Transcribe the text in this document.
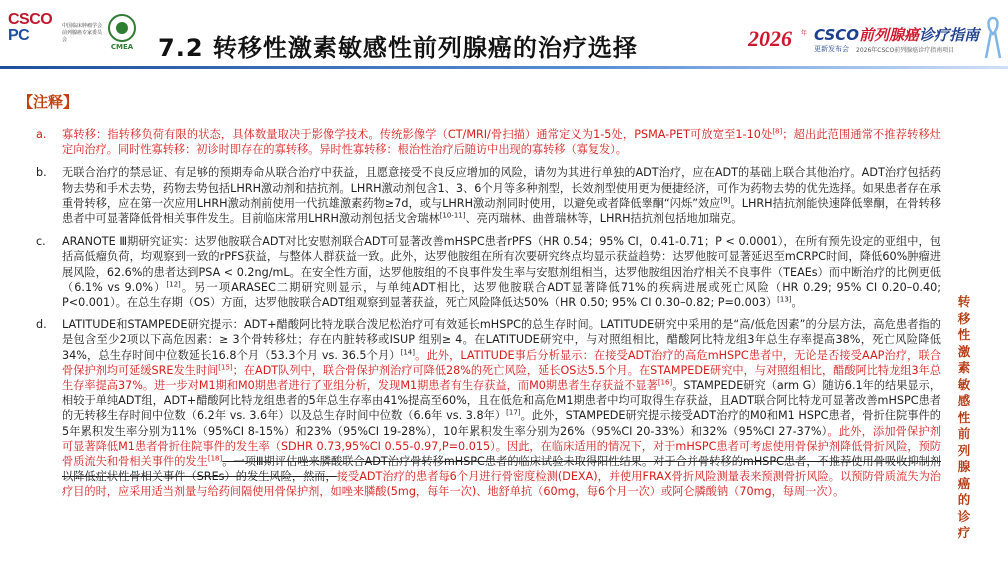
CSCO
PC
中国临床肿瘤学会前列腺癌专家委员会
CMEA 7.2 转移性激素敏感性前列腺癌的治疗选择	2026 年 CSCO前列腺癌诊疗指南
更新发布会 2026年CSCO前列腺癌诊疗指南项目
转
移
性
激
素
敏
感
性
前
列
腺
癌
的
诊
疗
【注释】
a. 寡转移：指转移负荷有限的状态，具体数量取决于影像学技术。传统影像学（CT/MRI/骨扫描）通常定义为1-5处，PSMA-PET可放宽至1-10处[8]；超出此范围通常不推荐转移灶定向治疗。同时性寡转移：初诊时即存在的寡转移。异时性寡转移：根治性治疗后随访中出现的寡转移（寡复发）。
b. 无联合治疗的禁忌证、有足够的预期寿命从联合治疗中获益，且愿意接受不良反应增加的风险，请勿为其进行单独的ADT治疗，应在ADT的基础上联合其他治疗。ADT治疗包括药物去势和手术去势，药物去势包括LHRH激动剂和拮抗剂。LHRH激动剂包含1、3、6个月等多种剂型，长效剂型使用更为便捷经济，可作为药物去势的优先选择。如果患者存在承重骨转移，应在第一次应用LHRH激动剂前使用一代抗雄激素药物≥7d，或与LHRH激动剂同时使用，以避免或者降低睾酮“闪烁”效应[9]。LHRH拮抗剂能快速降低睾酮，在骨转移患者中可显著降低骨相关事件发生。目前临床常用LHRH激动剂包括戈舍瑞林[10-11]、亮丙瑞林、曲普瑞林等，LHRH拮抗剂包括地加瑞克。
c. ARANOTE Ⅲ期研究证实：达罗他胺联合ADT对比安慰剂联合ADT可显著改善mHSPC患者rPFS（HR 0.54；95% CI，0.41-0.71；P < 0.0001），在所有预先设定的亚组中，包括高低瘤负荷，均观察到一致的rPFS获益，与整体人群获益一致。此外，达罗他胺组在所有次要研究终点均显示获益趋势：达罗他胺可显著延迟至mCRPC时间，降低60%肿瘤进展风险，62.6%的患者达到PSA < 0.2ng/mL。在安全性方面，达罗他胺组的不良事件发生率与安慰剂组相当，达罗他胺组因治疗相关不良事件（TEAEs）而中断治疗的比例更低（6.1% vs 9.0%）[12]。另一项ARASEC二期研究则显示，与单纯ADT相比，达罗他胺联合ADT显著降低71%的疾病进展或死亡风险（HR 0.29; 95% CI 0.20–0.40; P<0.001）。在总生存期（OS）方面，达罗他胺联合ADT组观察到显著获益，死亡风险降低达50%（HR 0.50; 95% CI 0.30–0.82; P=0.003）[13]。
d. LATITUDE和STAMPEDE研究提示：ADT+醋酸阿比特龙联合泼尼松治疗可有效延长mHSPC的总生存时间。LATITUDE研究中采用的是“高/低危因素”的分层方法，高危患者指的是包含至少2项以下高危因素：≥ 3个骨转移灶；存在内脏转移或ISUP 组别≥ 4。在LATITUDE研究中，与对照组相比，醋酸阿比特龙组3年总生存率提高38%，死亡风险降低34%，总生存时间中位数延长16.8个月（53.3个月 vs. 36.5个月）[14]。此外，LATITUDE事后分析显示：在接受ADT治疗的高危mHSPC患者中，无论是否接受AAP治疗，联合骨保护剂均可延缓SRE发生时间[15]；在ADT队列中，联合骨保护剂治疗可降低28%的死亡风险，延长OS达5.5个月。在STAMPEDE研究中，与对照组相比，醋酸阿比特龙组3年总生存率提高37%。进一步对M1期和M0期患者进行了亚组分析，发现M1期患者有生存获益，而M0期患者生存获益不显著[16]。STAMPEDE研究（arm G）随访6.1年的结果显示，相较于单纯ADT组，ADT+醋酸阿比特龙组患者的5年总生存率由41%提高至60%，且在低危和高危M1期患者中均可取得生存获益，且ADT联合阿比特龙可显著改善mHSPC患者的无转移生存时间中位数（6.2年 vs. 3.6年）以及总生存时间中位数（6.6年 vs. 3.8年）[17]。此外，STAMPEDE研究提示接受ADT治疗的M0和M1 HSPC患者，骨折住院事件的5年累积发生率分别为11%（95%CI 8-15%）和23%（95%CI 19-28%），10年累积发生率分别为26%（95%CI 20-33%）和32%（95%CI 27-37%）。此外，添加骨保护剂可显著降低M1患者骨折住院事件的发生率（SDHR 0.73,95%CI 0.55-0.97,P=0.015）。因此，在临床适用的情况下，对于mHSPC患者可考虑使用骨保护剂降低骨折风险，预防骨质流失和骨相关事件的发生[18]。一项Ⅲ期评估唑来膦酸联合ADT治疗骨转移mHSPC患者的临床试验未取得阳性结果。对于合并骨转移的mHSPC患者，不推荐使用骨吸收抑制剂以降低症状性骨相关事件（SREs）的发生风险，然而，接受ADT治疗的患者每6个月进行骨密度检测(DEXA)，并使用FRAX骨折风险测量表来预测骨折风险。以预防骨质流失为治疗目的时，应采用适当剂量与给药间隔使用骨保护剂，如唑来膦酸(5mg，每年一次)、地舒单抗（60mg，每6个月一次）或阿仑膦酸钠（70mg，每周一次）。
